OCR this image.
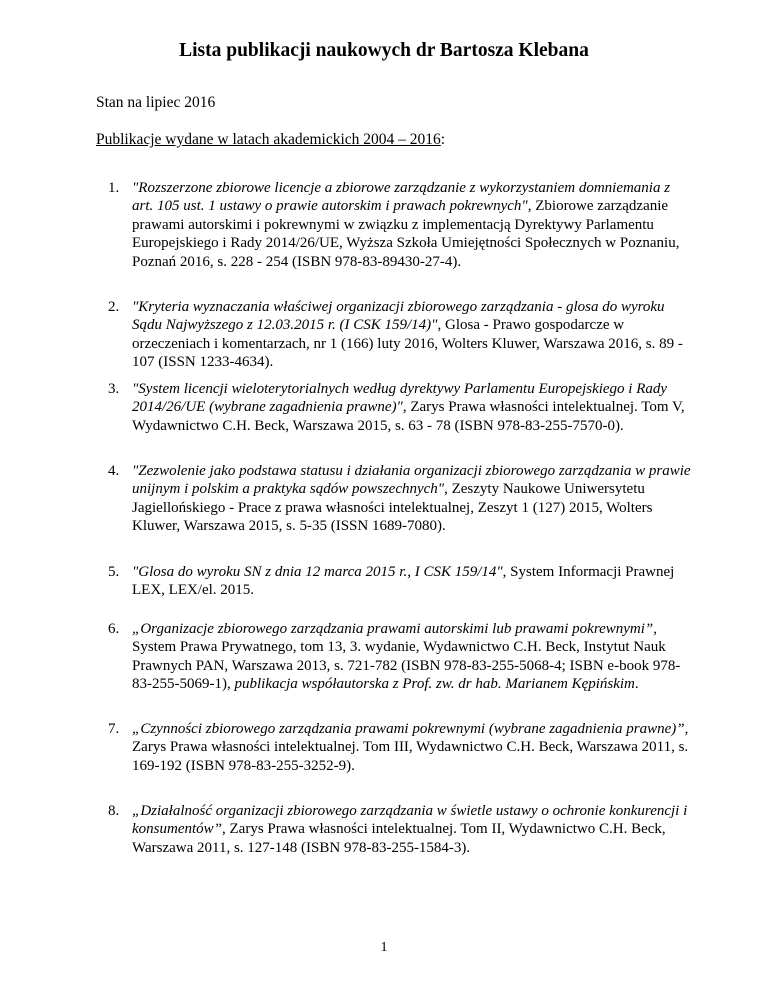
Lista publikacji naukowych dr Bartosza Klebana

Stan na lipiec 2016

Publikacje wydane w latach akademickich 2004 – 2016:

1. "Rozszerzone zbiorowe licencje a zbiorowe zarządzanie z wykorzystaniem domniemania z art. 105 ust. 1 ustawy o prawie autorskim i prawach pokrewnych", Zbiorowe zarządzanie prawami autorskimi i pokrewnymi w związku z implementacją Dyrektywy Parlamentu Europejskiego i Rady 2014/26/UE, Wyższa Szkoła Umiejętności Społecznych w Poznaniu, Poznań 2016, s. 228 - 254 (ISBN 978-83-89430-27-4).
2. "Kryteria wyznaczania właściwej organizacji zbiorowego zarządzania - glosa do wyroku Sądu Najwyższego z 12.03.2015 r. (I CSK 159/14)", Glosa - Prawo gospodarcze w orzeczeniach i komentarzach, nr 1 (166) luty 2016, Wolters Kluwer, Warszawa 2016, s. 89 - 107 (ISSN 1233-4634).
3. "System licencji wieloterytorialnych według dyrektywy Parlamentu Europejskiego i Rady 2014/26/UE (wybrane zagadnienia prawne)", Zarys Prawa własności intelektualnej. Tom V, Wydawnictwo C.H. Beck, Warszawa 2015, s. 63 - 78 (ISBN 978-83-255-7570-0).
4. "Zezwolenie jako podstawa statusu i działania organizacji zbiorowego zarządzania w prawie unijnym i polskim a praktyka sądów powszechnych", Zeszyty Naukowe Uniwersytetu Jagiellońskiego - Prace z prawa własności intelektualnej, Zeszyt 1 (127) 2015, Wolters Kluwer, Warszawa 2015, s. 5-35 (ISSN 1689-7080).
5. "Glosa do wyroku SN z dnia 12 marca 2015 r., I CSK 159/14", System Informacji Prawnej LEX, LEX/el. 2015.
6. „Organizacje zbiorowego zarządzania prawami autorskimi lub prawami pokrewnymi”, System Prawa Prywatnego, tom 13, 3. wydanie, Wydawnictwo C.H. Beck, Instytut Nauk Prawnych PAN, Warszawa 2013, s. 721-782 (ISBN 978-83-255-5068-4; ISBN e-book 978-83-255-5069-1), publikacja współautorska z Prof. zw. dr hab. Marianem Kępińskim.
7. „Czynności zbiorowego zarządzania prawami pokrewnymi (wybrane zagadnienia prawne)”, Zarys Prawa własności intelektualnej. Tom III, Wydawnictwo C.H. Beck, Warszawa 2011, s. 169-192 (ISBN 978-83-255-3252-9).
8. „Działalność organizacji zbiorowego zarządzania w świetle ustawy o ochronie konkurencji i konsumentów”, Zarys Prawa własności intelektualnej. Tom II, Wydawnictwo C.H. Beck, Warszawa 2011, s. 127-148 (ISBN 978-83-255-1584-3).

1
